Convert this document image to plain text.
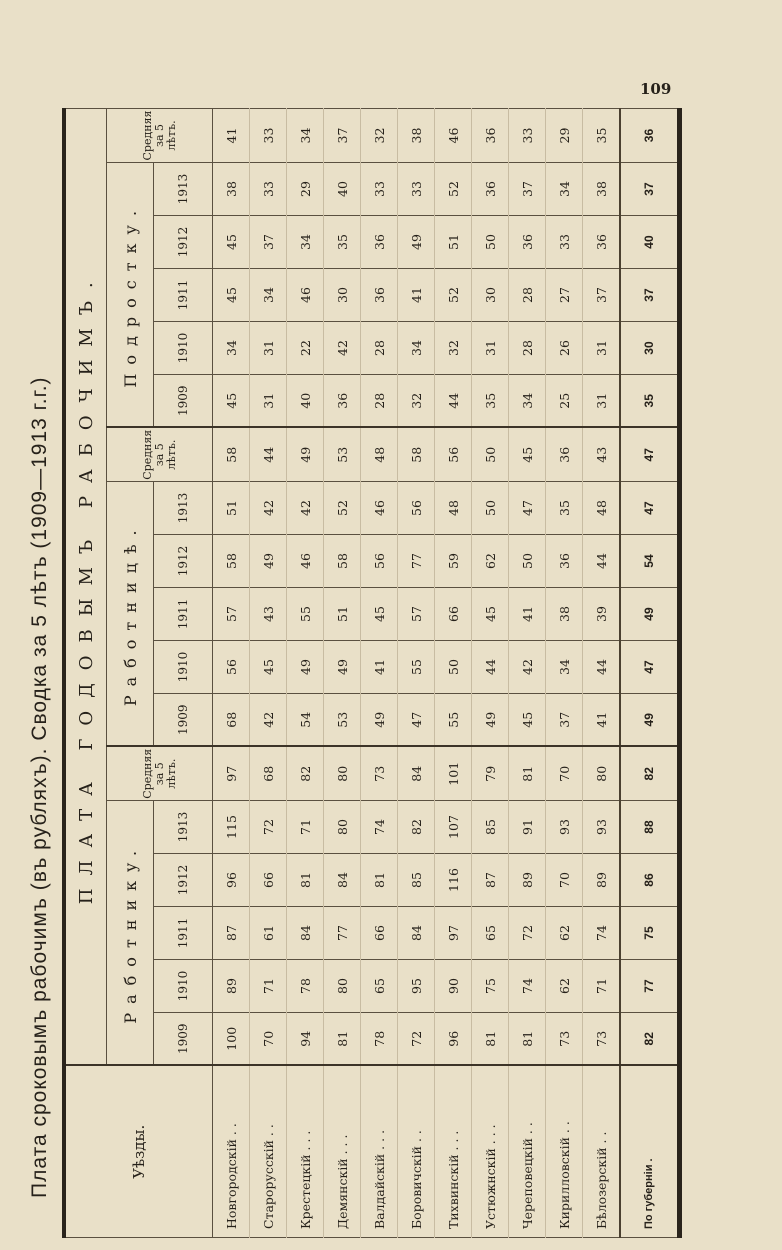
109
Плата сроковымъ рабочимъ (въ рубляхъ). Сводка за 5 лѣтъ (1909—1913 г.г.)	Уѣзды.	ПЛАТА ГОДОВЫМЪ РАБОЧИМЪ.																	
	Работникy.					Средняя за 5 лѣтъ.	Работницѣ.					Средняя за 5 лѣтъ.	Подростку.					Средняя за 5 лѣтъ.
	1909	1910	1911	1912	1913		1909	1910	1911	1912	1913		1909	1910	1911	1912	1913	
Новгородскій . .	100	89	87	96	115	97	68	56	57	58	51	58	45	34	45	45	38	41
Старорусскій . .	70	71	61	66	72	68	42	45	43	49	42	44	31	31	34	37	33	33
Крестецкій . . .	94	78	84	81	71	82	54	49	55	46	42	49	40	22	46	34	29	34
Демянскій . . .	81	80	77	84	80	80	53	49	51	58	52	53	36	42	30	35	40	37
Валдайскій . . .	78	65	66	81	74	73	49	41	45	56	46	48	28	28	36	36	33	32
Боровичскій . .	72	95	84	85	82	84	47	55	57	77	56	58	32	34	41	49	33	38
Тихвинскій . . .	96	90	97	116	107	101	55	50	66	59	48	56	44	32	52	51	52	46
Устюжнскій . . .	81	75	65	87	85	79	49	44	45	62	50	50	35	31	30	50	36	36
Череповецкій . .	81	74	72	89	91	81	45	42	41	50	47	45	34	28	28	36	37	33
Кирилловскій . .	73	62	62	70	93	70	37	34	38	36	35	36	25	26	27	33	34	29
Бѣлозерскій . .	73	71	74	89	93	80	41	44	39	44	48	43	31	31	37	36	38	35
По губерніи .	82	77	75	86	88	82	49	47	49	54	47	47	35	30	37	40	37	36
